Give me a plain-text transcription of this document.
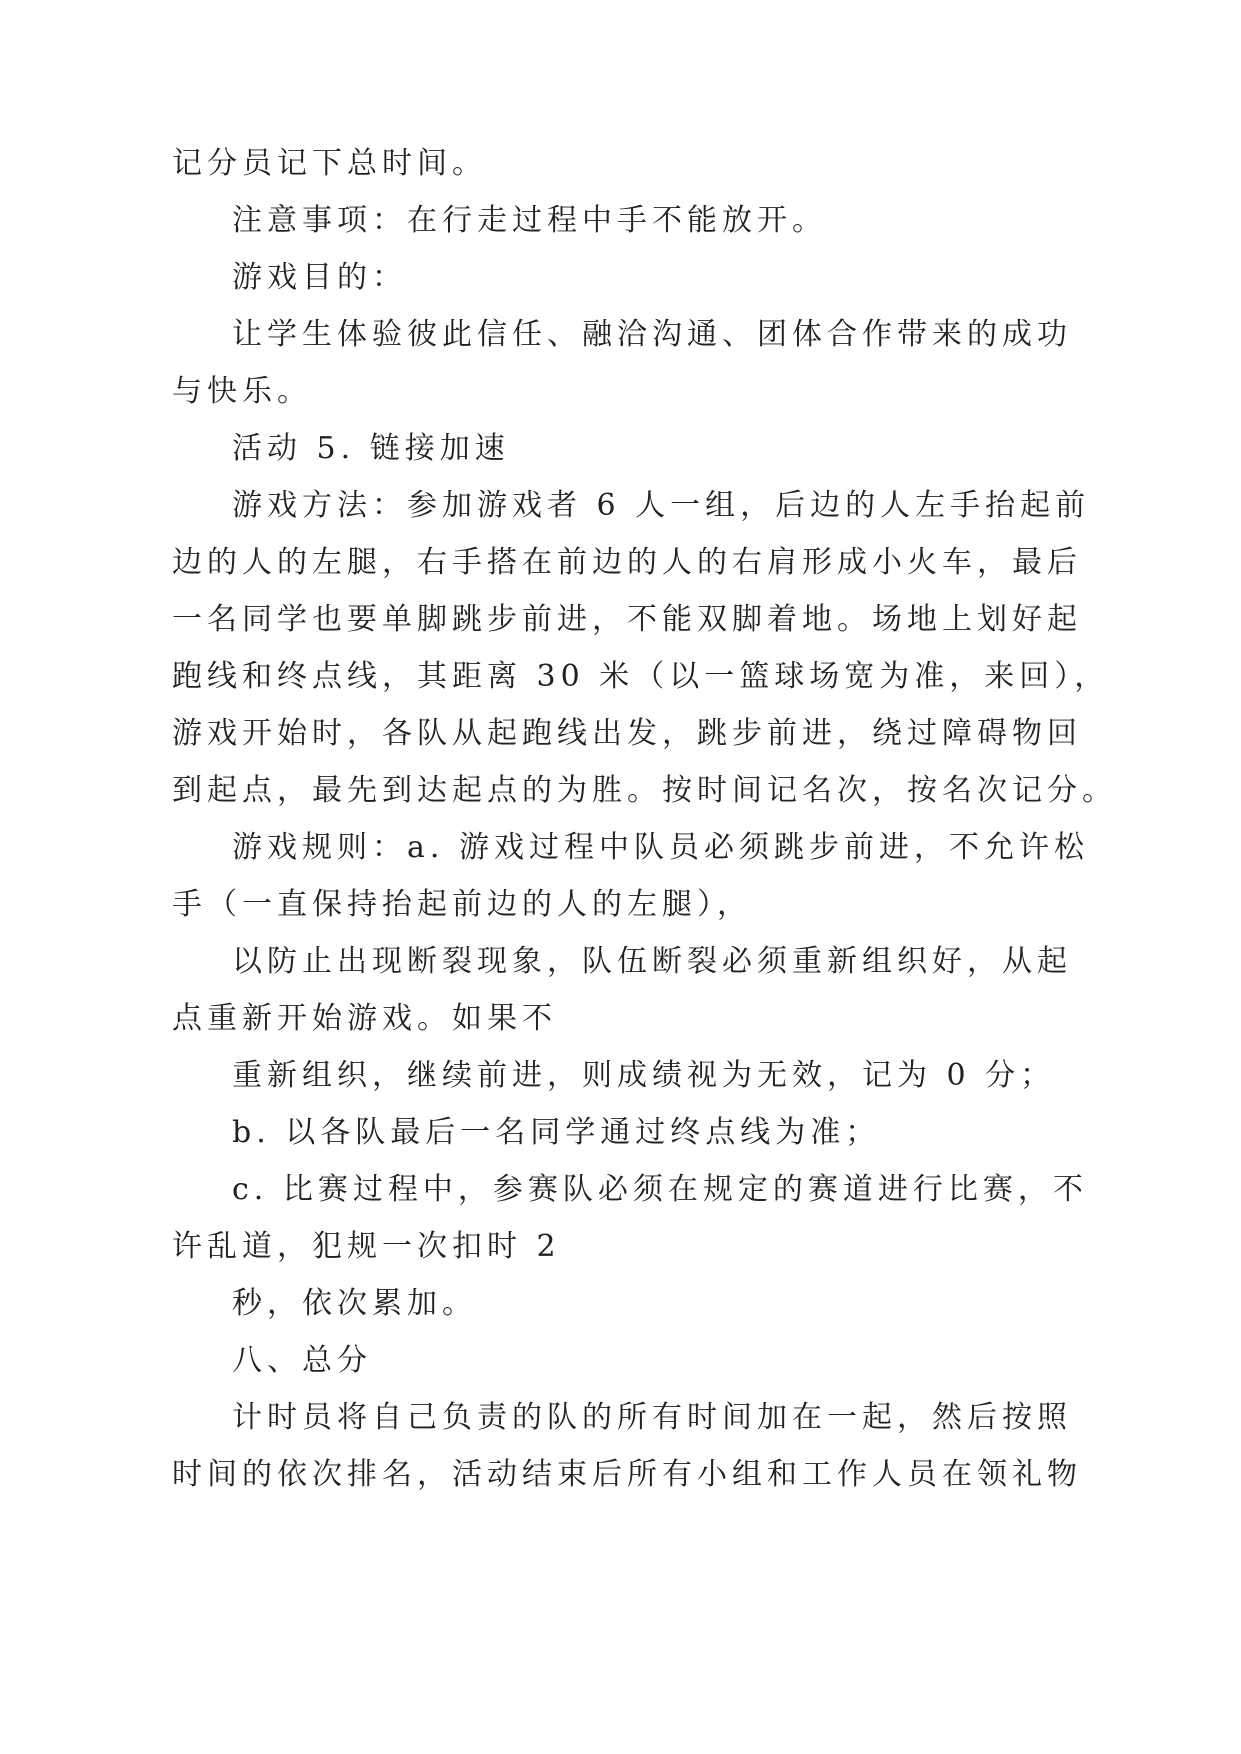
记分员记下总时间。
注意事项：在行走过程中手不能放开。
游戏目的：
让学生体验彼此信任、融洽沟通、团体合作带来的成功
与快乐。
活动 5. 链接加速
游戏方法：参加游戏者 6 人一组，后边的人左手抬起前
边的人的左腿，右手搭在前边的人的右肩形成小火车，最后
一名同学也要单脚跳步前进，不能双脚着地。场地上划好起
跑线和终点线，其距离 30 米（以一篮球场宽为准，来回），
游戏开始时，各队从起跑线出发，跳步前进，绕过障碍物回
到起点，最先到达起点的为胜。按时间记名次，按名次记分。
游戏规则：a. 游戏过程中队员必须跳步前进，不允许松
手（一直保持抬起前边的人的左腿），
以防止出现断裂现象，队伍断裂必须重新组织好，从起
点重新开始游戏。如果不
重新组织，继续前进，则成绩视为无效，记为 0 分；
b. 以各队最后一名同学通过终点线为准；
c. 比赛过程中，参赛队必须在规定的赛道进行比赛，不
许乱道，犯规一次扣时 2
秒，依次累加。
八、总分
计时员将自己负责的队的所有时间加在一起，然后按照
时间的依次排名，活动结束后所有小组和工作人员在领礼物
